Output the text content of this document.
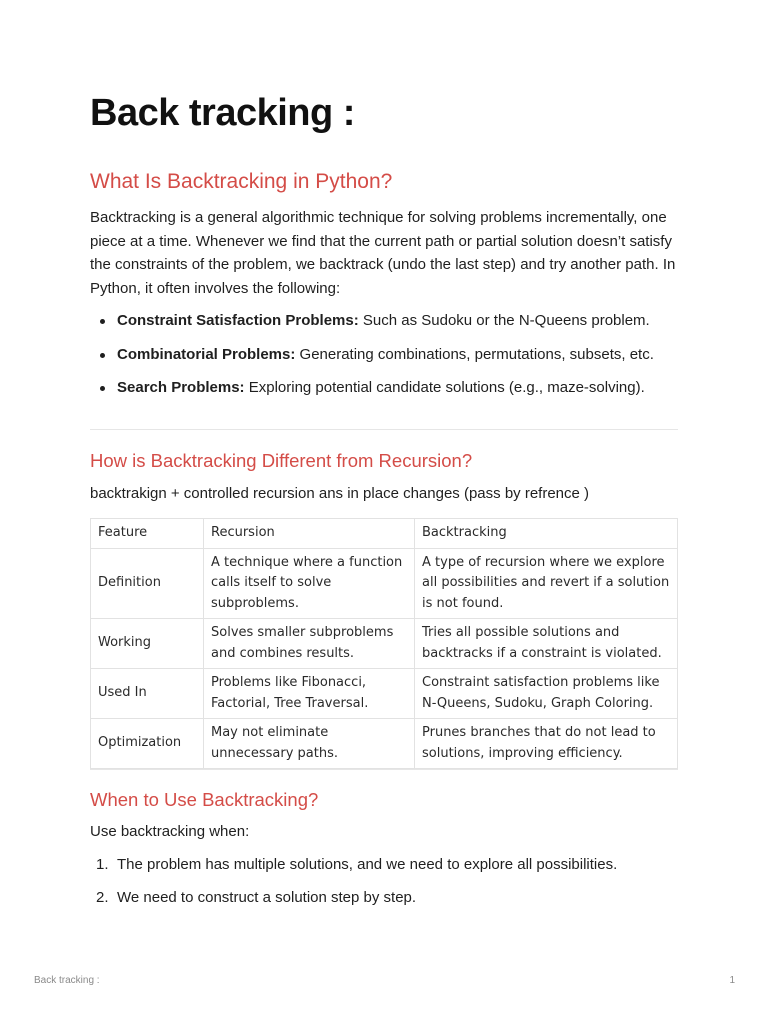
Back tracking :
What Is Backtracking in Python?

Backtracking is a general algorithmic technique for solving problems incrementally, one piece at a time. Whenever we find that the current path or partial solution doesn’t satisfy the constraints of the problem, we backtrack (undo the last step) and try another path. In Python, it often involves the following:

Constraint Satisfaction Problems: Such as Sudoku or the N-Queens problem.
Combinatorial Problems: Generating combinations, permutations, subsets, etc.
Search Problems: Exploring potential candidate solutions (e.g., maze-solving).
How is Backtracking Different from Recursion?

backtrakign + controlled recursion ans in place changes (pass by refrence )

Feature	Recursion	Backtracking
Definition	A technique where a function calls itself to solve subproblems.	A type of recursion where we explore all possibilities and revert if a solution is not found.
Working	Solves smaller subproblems and combines results.	Tries all possible solutions and backtracks if a constraint is violated.
Used In	Problems like Fibonacci, Factorial, Tree Traversal.	Constraint satisfaction problems like N-Queens, Sudoku, Graph Coloring.
Optimization	May not eliminate unnecessary paths.	Prunes branches that do not lead to solutions, improving efficiency.
When to Use Backtracking?

Use backtracking when:

1. The problem has multiple solutions, and we need to explore all possibilities.
2. We need to construct a solution step by step.
Back tracking :	1
